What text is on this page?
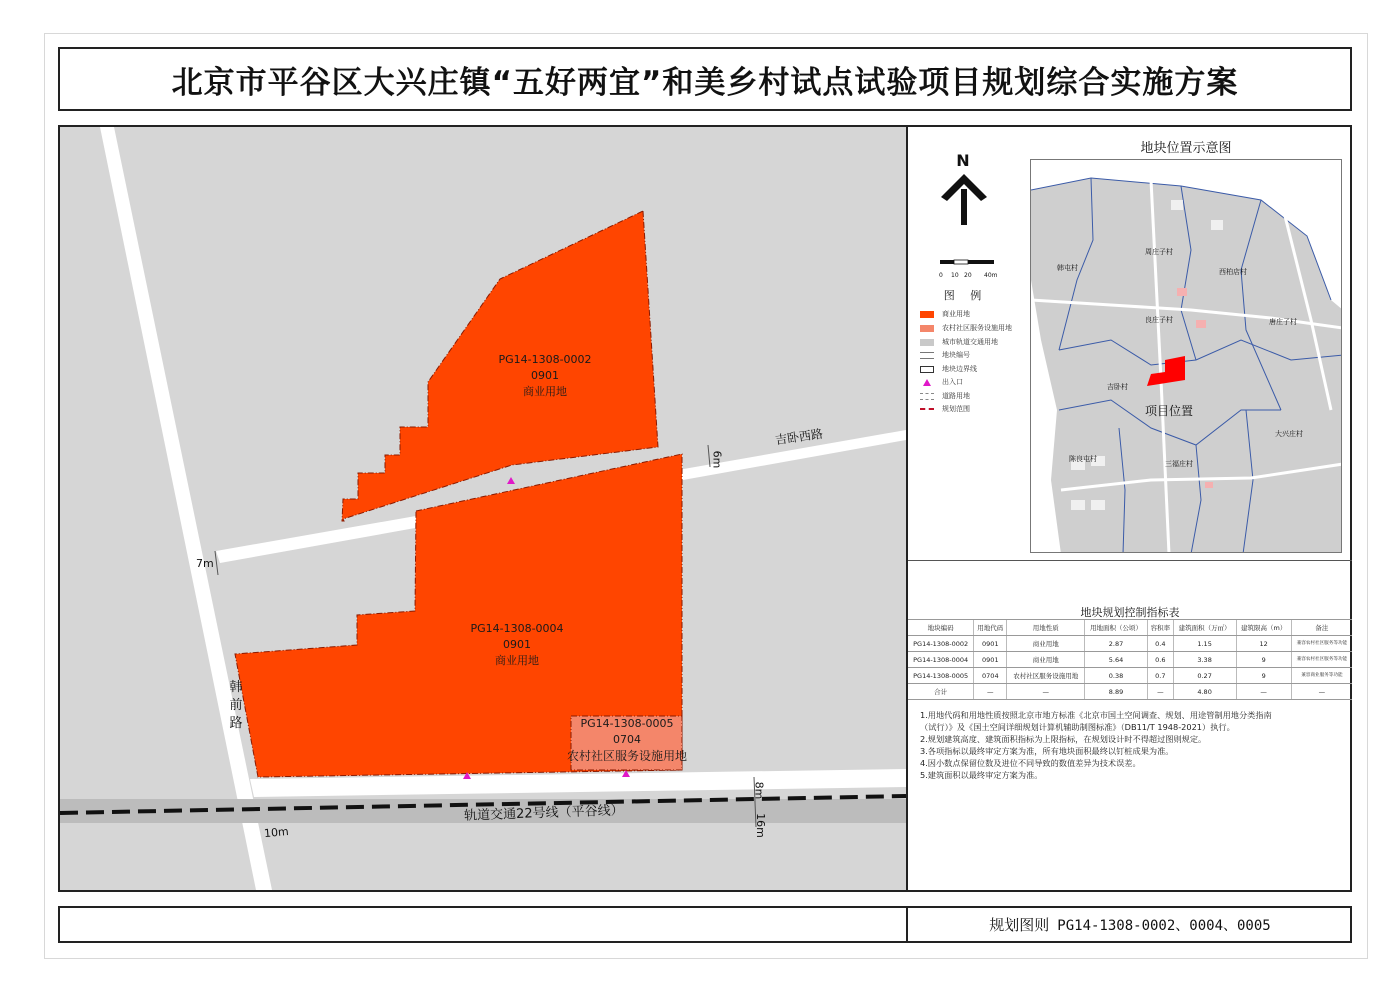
北京市平谷区大兴庄镇“五好两宜”和美乡村试点试验项目规划综合实施方案
PG14-1308-0002
0901
商业用地
PG14-1308-0004
0901
商业用地
PG14-1308-0005
0704
农村社区服务设施用地
吉卧西路
6m
7m
韩
前
路
轨道交通22号线（平谷线）
10m
8m
16m
N
0 10 20 40m
图 例
商业用地
农村社区服务设施用地
城市轨道交通用地
地块编号
地块边界线
出入口
道路用地
规划范围
地块位置示意图
周庄子村
韩屯村	西柏店村
良庄子村	唐庄子村
吉卧村
大兴庄村
陈良屯村
三福庄村
项目位置
地块规划控制指标表
地块编码	用地代码	用地性质	用地面积（公顷）	容积率	建筑面积（万㎡）	建筑限高（m）	备注
PG14-1308-0002	0901	商业用地	2.87	0.4	1.15	12	兼容农村社区服务等功能
PG14-1308-0004	0901	商业用地	5.64	0.6	3.38	9	兼容农村社区服务等功能
PG14-1308-0005	0704	农村社区服务设施用地	0.38	0.7	0.27	9	兼容商业服务等功能
合计	—	—	8.89	—	4.80	—	—
1.用地代码和用地性质按照北京市地方标准《北京市国土空间调查、规划、用途管制用地分类指南
（试行）》及《国土空间详细规划计算机辅助制图标准》（DB11/T 1948-2021）执行。
2.规划建筑高度、建筑面积指标为上限指标，在规划设计时不得超过图则规定。
3.各项指标以最终审定方案为准，所有地块面积最终以钉桩成果为准。
4.因小数点保留位数及进位不同导致的数值差异为技术误差。
5.建筑面积以最终审定方案为准。
规划图则 PG14-1308-0002、0004、0005
